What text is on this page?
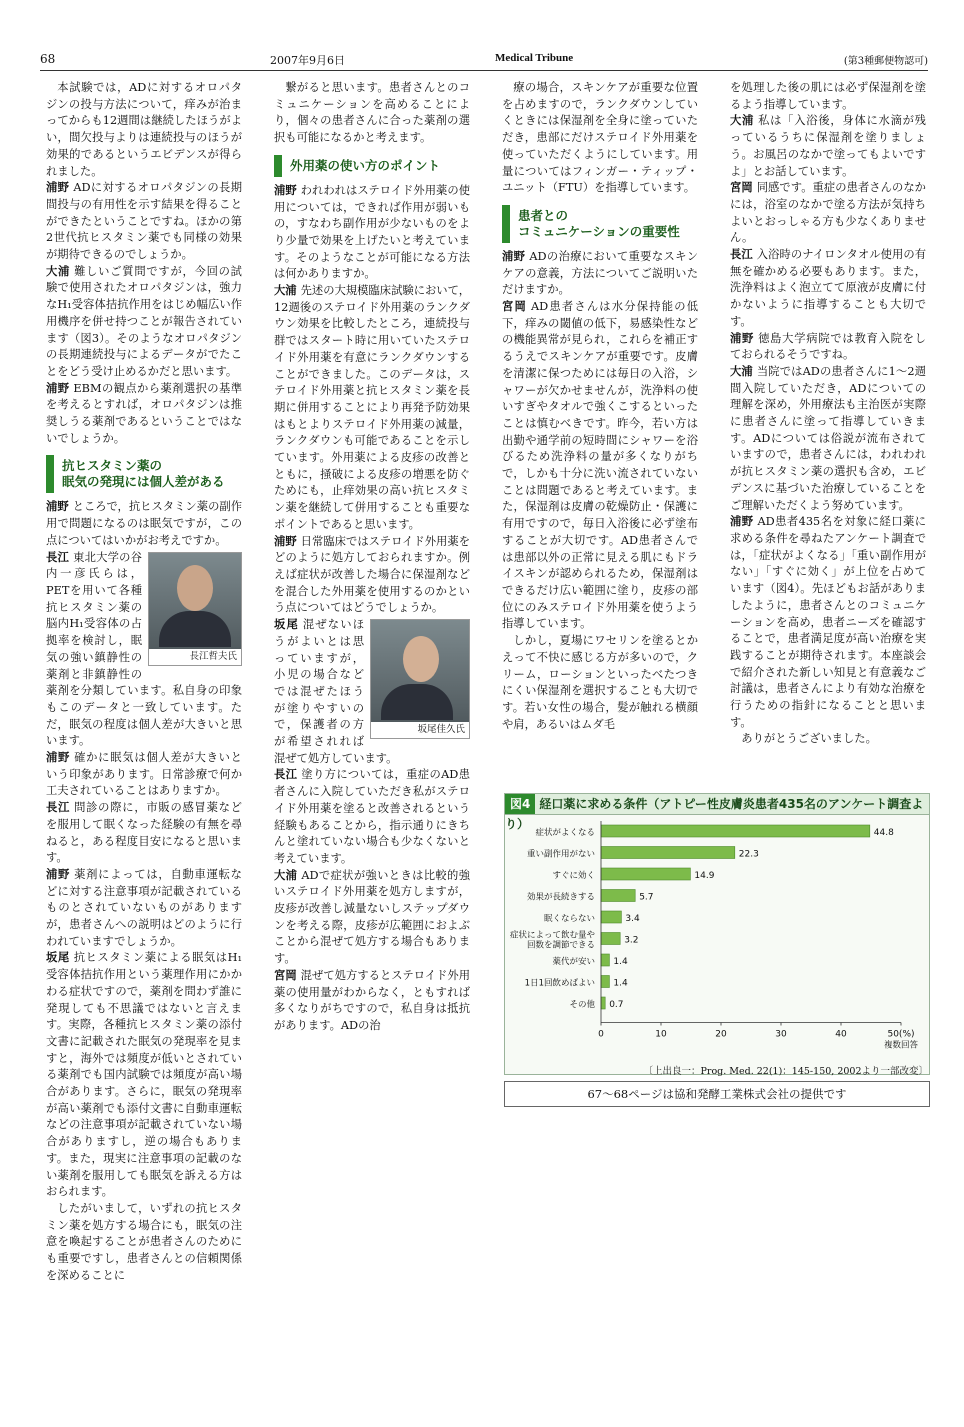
68	2007年9月6日	Medical Tribune	(第3種郵便物認可)

本試験では，ADに対するオロパタジンの投与方法について，痒みが治まってからも12週間は継続したほうがよい，間欠投与よりは連続投与のほうが効果的であるというエビデンスが得られました。

浦野 ADに対するオロパタジンの長期間投与の有用性を示す結果を得ることができたということですね。ほかの第2世代抗ヒスタミン薬でも同様の効果が期待できるのでしょうか。

大浦 難しいご質問ですが，今回の試験で使用されたオロパタジンは，強力なH₁受容体拮抗作用をはじめ幅広い作用機序を併せ持つことが報告されています（図3）。そのようなオロパタジンの長期連続投与によるデータがでたことをどう受け止めるかだと思います。

浦野 EBMの観点から薬剤選択の基準を考えるとすれば，オロパタジンは推奨しうる薬剤であるということではないでしょうか。

抗ヒスタミン薬の
眠気の発現には個人差がある

浦野 ところで，抗ヒスタミン薬の副作用で問題になるのは眠気ですが，この点についてはいかがお考えですか。

長江哲夫氏

長江 東北大学の谷内一彦氏らは，PETを用いて各種抗ヒスタミン薬の脳内H₁受容体の占拠率を検討し，眠気の強い鎮静性の薬剤と非鎮静性の薬剤を分類しています。私自身の印象もこのデータと一致しています。ただ，眠気の程度は個人差が大きいと思います。

浦野 確かに眠気は個人差が大きいという印象があります。日常診療で何か工夫されていることはありますか。

長江 問診の際に，市販の感冒薬などを服用して眠くなった経験の有無を尋ねると，ある程度目安になると思います。

浦野 薬剤によっては，自動車運転などに対する注意事項が記載されているものとされていないものがありますが，患者さんへの説明はどのように行われていますでしょうか。

坂尾 抗ヒスタミン薬による眠気はH₁受容体拮抗作用という薬理作用にかかわる症状ですので，薬剤を問わず誰に発現しても不思議ではないと言えます。実際，各種抗ヒスタミン薬の添付文書に記載された眠気の発現率を見ますと，海外では頻度が低いとされている薬剤でも国内試験では頻度が高い場合があります。さらに，眠気の発現率が高い薬剤でも添付文書に自動車運転などの注意事項が記載されていない場合がありますし，逆の場合もあります。また，現実に注意事項の記載のない薬剤を服用しても眠気を訴える方はおられます。

したがいまして，いずれの抗ヒスタミン薬を処方する場合にも，眠気の注意を喚起することが患者さんのためにも重要ですし，患者さんとの信頼関係を深めることに

繋がると思います。患者さんとのコミュニケーションを高めることにより，個々の患者さんに合った薬剤の選択も可能になるかと考えます。

外用薬の使い方のポイント

浦野 われわれはステロイド外用薬の使用については，できれば作用が弱いもの，すなわち副作用が少ないものをより少量で効果を上げたいと考えています。そのようなことが可能になる方法は何かありますか。

大浦 先述の大規模臨床試験において，12週後のステロイド外用薬のランクダウン効果を比較したところ，連続投与群ではスタート時に用いていたステロイド外用薬を有意にランクダウンすることができました。このデータは，ステロイド外用薬と抗ヒスタミン薬を長期に併用することにより再発予防効果はもとよりステロイド外用薬の減量，ランクダウンも可能であることを示しています。外用薬による皮疹の改善とともに，掻破による皮疹の増悪を防ぐためにも，止痒効果の高い抗ヒスタミン薬を継続して併用することも重要なポイントであると思います。

浦野 日常臨床ではステロイド外用薬をどのように処方しておられますか。例えば症状が改善した場合に保湿剤などを混合した外用薬を使用するのかという点についてはどうでしょうか。

坂尾佳久氏

坂尾 混ぜないほうがよいとは思っていますが，小児の場合などでは混ぜたほうが塗りやすいので，保護者の方が希望されれば混ぜて処方しています。

長江 塗り方については，重症のAD患者さんに入院していただき私がステロイド外用薬を塗ると改善されるという経験もあることから，指示通りにきちんと塗れていない場合も少なくないと考えています。

大浦 ADで症状が強いときは比較的強いステロイド外用薬を処方しますが，皮疹が改善し減量ないしステップダウンを考える際，皮疹が広範囲におよぶことから混ぜて処方する場合もあります。

宮岡 混ぜて処方するとステロイド外用薬の使用量がわからなく，ともすれば多くなりがちですので，私自身は抵抗があります。ADの治

療の場合，スキンケアが重要な位置を占めますので，ランクダウンしていくときには保湿剤を全身に塗っていただき，患部にだけステロイド外用薬を使っていただくようにしています。用量についてはフィンガー・ティップ・ユニット（FTU）を指導しています。

患者との
コミュニケーションの重要性

浦野 ADの治療において重要なスキンケアの意義，方法についてご説明いただけますか。

宮岡 AD患者さんは水分保持能の低下，痒みの閾値の低下，易感染性などの機能異常が見られ，これらを補正するうえでスキンケアが重要です。皮膚を清潔に保つためには毎日の入浴，シャワーが欠かせませんが，洗浄料の使いすぎやタオルで強くこするといったことは慎むべきです。昨今，若い方は出勤や通学前の短時間にシャワーを浴びるため洗浄料の量が多くなりがちで，しかも十分に洗い流されていないことは問題であると考えています。また，保湿剤は皮膚の乾燥防止・保護に有用ですので，毎日入浴後に必ず塗布することが大切です。AD患者さんでは患部以外の正常に見える肌にもドライスキンが認められるため，保湿剤はできるだけ広い範囲に塗り，皮疹の部位にのみステロイド外用薬を使うよう指導しています。

しかし，夏場にワセリンを塗るとかえって不快に感じる方が多いので，クリーム，ローションといったべたつきにくい保湿剤を選択することも大切です。若い女性の場合，髪が触れる横顔や肩，あるいはムダ毛

を処理した後の肌には必ず保湿剤を塗るよう指導しています。

大浦 私は「入浴後，身体に水滴が残っているうちに保湿剤を塗りましょう。お風呂のなかで塗ってもよいですよ」とお話しています。

宮岡 同感です。重症の患者さんのなかには，浴室のなかで塗る方法が気持ちよいとおっしゃる方も少なくありません。

長江 入浴時のナイロンタオル使用の有無を確かめる必要もあります。また，洗浄料はよく泡立てて原液が皮膚に付かないように指導することも大切です。

浦野 徳島大学病院では教育入院をしておられるそうですね。

大浦 当院ではADの患者さんに1～2週間入院していただき，ADについての理解を深め，外用療法も主治医が実際に患者さんに塗って指導していきます。ADについては俗説が流布されていますので，患者さんには，われわれが抗ヒスタミン薬の選択も含め，エビデンスに基づいた治療していることをご理解いただくよう努めています。

浦野 AD患者435名を対象に経口薬に求める条件を尋ねたアンケート調査では，「症状がよくなる」「重い副作用がない」「すぐに効く」が上位を占めています（図4）。先ほどもお話がありましたように，患者さんとのコミュニケーションを高め，患者ニーズを確認することで，患者満足度が高い治療を実践することが期待されます。本座談会で紹介された新しい知見と有意義なご討議は，患者さんにより有効な治療を行うための指針になることと思います。

ありがとうございました。

図4 経口薬に求める条件（アトピー性皮膚炎患者435名のアンケート調査より）
44.8
症状がよくなる
22.3
重い副作用がない
14.9
すぐに効く
5.7
効果が長続きする
3.4
眠くならない
3.2
症状によって飲む量や
回数を調節できる
1.4
薬代が安い
1.4
1日1回飲めばよい
0.7
その他
0	10	20	30	40	50(%)
複数回答
〔上出良一：Prog. Med. 22(1)：145-150, 2002より一部改変〕
67～68ページは協和発酵工業株式会社の提供です
